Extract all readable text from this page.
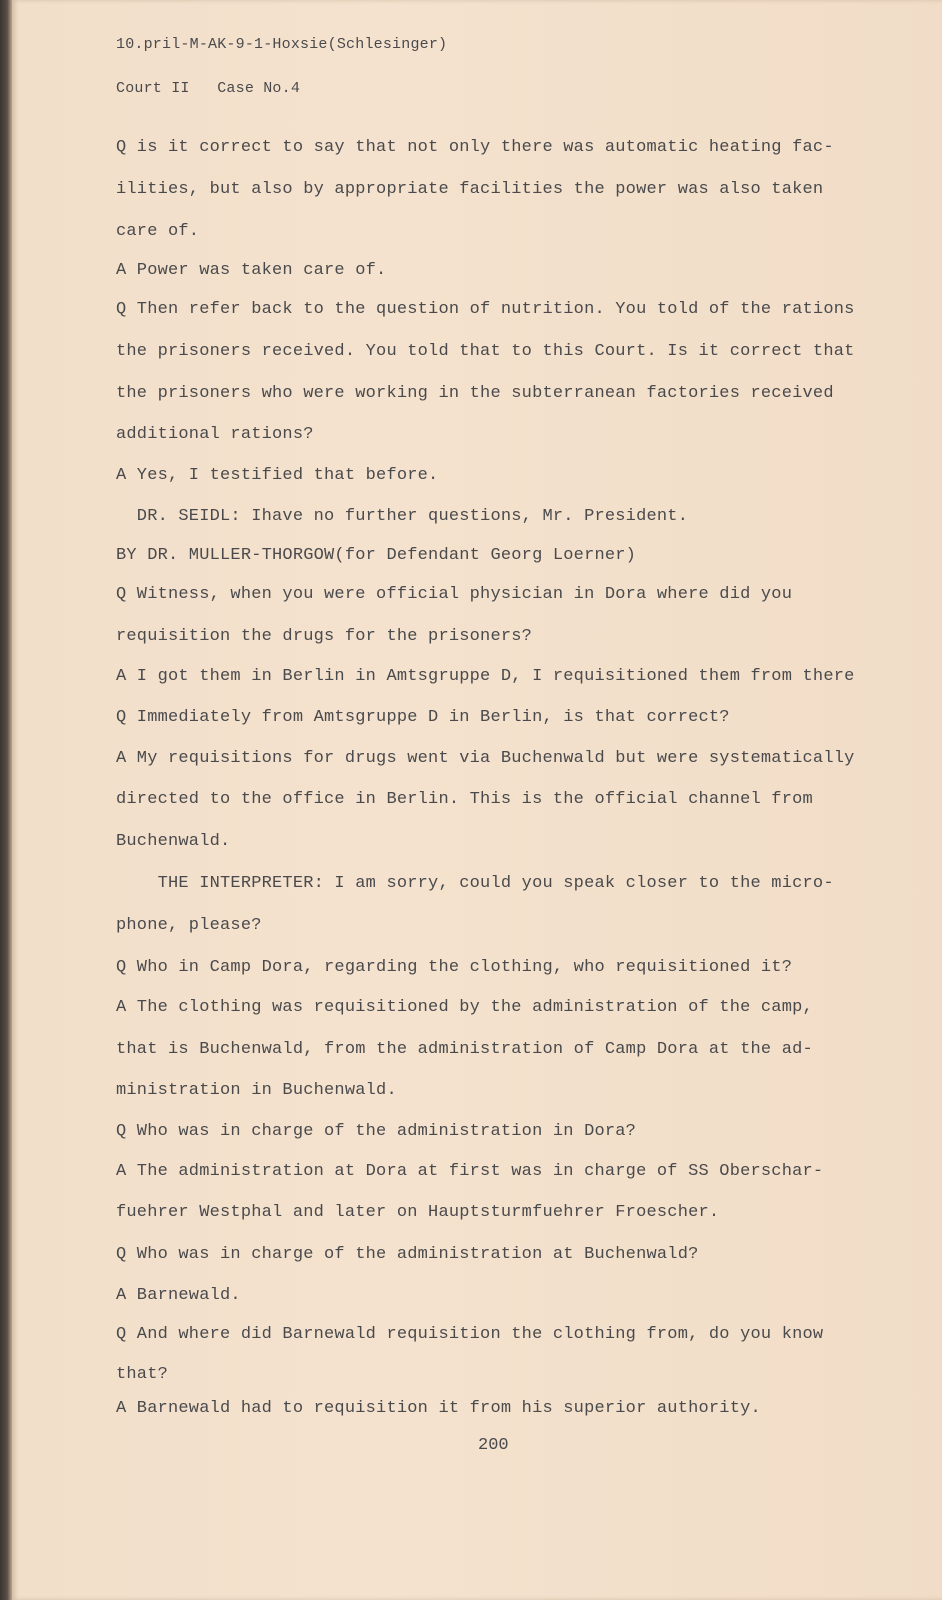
10.pril-M-AK-9-1-Hoxsie(Schlesinger)

Court II   Case No.4

Q is it correct to say that not only there was automatic heating fac-

ilities, but also by appropriate facilities the power was also taken

care of.

A Power was taken care of.

Q Then refer back to the question of nutrition. You told of the rations

the prisoners received. You told that to this Court. Is it correct that

the prisoners who were working in the subterranean factories received

additional rations?

A Yes, I testified that before.

DR. SEIDL: Ihave no further questions, Mr. President.

BY DR. MULLER-THORGOW(for Defendant Georg Loerner)

Q Witness, when you were official physician in Dora where did you

requisition the drugs for the prisoners?

A I got them in Berlin in Amtsgruppe D, I requisitioned them from there

Q Immediately from Amtsgruppe D in Berlin, is that correct?

A My requisitions for drugs went via Buchenwald but were systematically

directed to the office in Berlin. This is the official channel from

Buchenwald.

THE INTERPRETER: I am sorry, could you speak closer to the micro-

phone, please?

Q Who in Camp Dora, regarding the clothing, who requisitioned it?

A The clothing was requisitioned by the administration of the camp,

that is Buchenwald, from the administration of Camp Dora at the ad-

ministration in Buchenwald.

Q Who was in charge of the administration in Dora?

A The administration at Dora at first was in charge of SS Oberschar-

fuehrer Westphal and later on Hauptsturmfuehrer Froescher.

Q Who was in charge of the administration at Buchenwald?

A Barnewald.

Q And where did Barnewald requisition the clothing from, do you know

that?

A Barnewald had to requisition it from his superior authority.

200
